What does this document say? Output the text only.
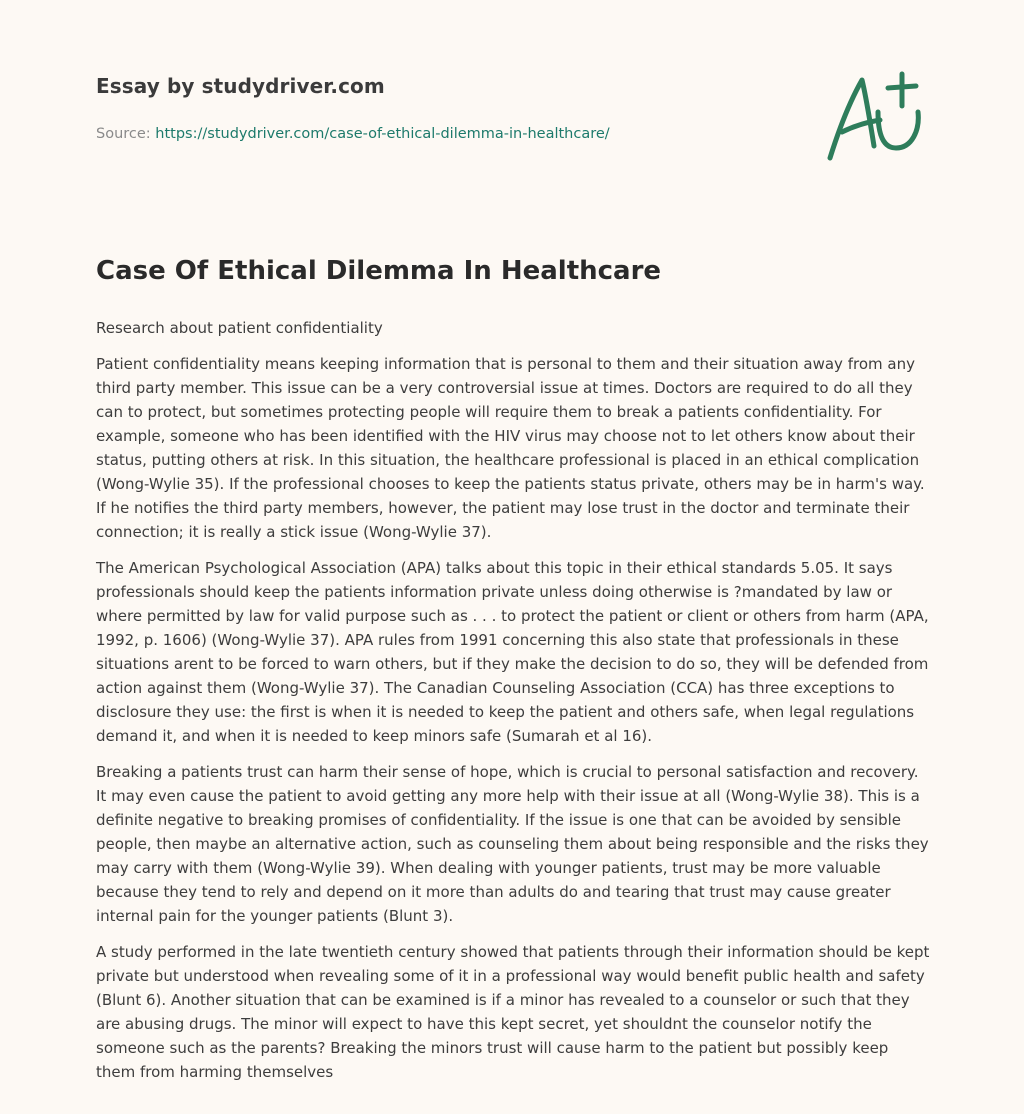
Essay by studydriver.com
Source: https://studydriver.com/case-of-ethical-dilemma-in-healthcare/
Case Of Ethical Dilemma In Healthcare

Research about patient confidentiality

Patient confidentiality means keeping information that is personal to them and their situation away from any third party member. This issue can be a very controversial issue at times. Doctors are required to do all they can to protect, but sometimes protecting people will require them to break a patients confidentiality. For example, someone who has been identified with the HIV virus may choose not to let others know about their status, putting others at risk. In this situation, the healthcare professional is placed in an ethical complication (Wong-Wylie 35). If the professional chooses to keep the patients status private, others may be in harm's way. If he notifies the third party members, however, the patient may lose trust in the doctor and terminate their connection; it is really a stick issue (Wong-Wylie 37).

The American Psychological Association (APA) talks about this topic in their ethical standards 5.05. It says professionals should keep the patients information private unless doing otherwise is ?mandated by law or where permitted by law for valid purpose such as . . . to protect the patient or client or others from harm (APA, 1992, p. 1606) (Wong-Wylie 37). APA rules from 1991 concerning this also state that professionals in these situations arent to be forced to warn others, but if they make the decision to do so, they will be defended from action against them (Wong-Wylie 37). The Canadian Counseling Association (CCA) has three exceptions to disclosure they use: the first is when it is needed to keep the patient and others safe, when legal regulations demand it, and when it is needed to keep minors safe (Sumarah et al 16).

Breaking a patients trust can harm their sense of hope, which is crucial to personal satisfaction and recovery. It may even cause the patient to avoid getting any more help with their issue at all (Wong-Wylie 38). This is a definite negative to breaking promises of confidentiality. If the issue is one that can be avoided by sensible people, then maybe an alternative action, such as counseling them about being responsible and the risks they may carry with them (Wong-Wylie 39). When dealing with younger patients, trust may be more valuable because they tend to rely and depend on it more than adults do and tearing that trust may cause greater internal pain for the younger patients (Blunt 3).

A study performed in the late twentieth century showed that patients through their information should be kept private but understood when revealing some of it in a professional way would benefit public health and safety (Blunt 6). Another situation that can be examined is if a minor has revealed to a counselor or such that they are abusing drugs. The minor will expect to have this kept secret, yet shouldnt the counselor notify the someone such as the parents? Breaking the minors trust will cause harm to the patient but possibly keep them from harming themselves
